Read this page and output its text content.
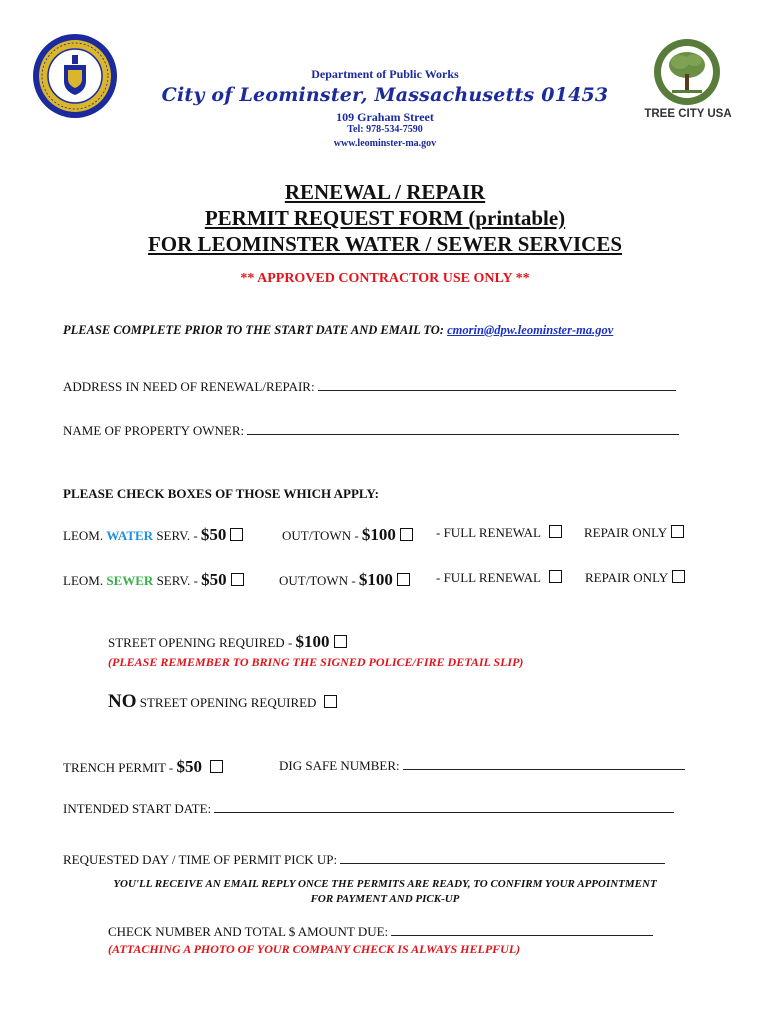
TREE CITY USA
Department of Public Works
City of Leominster, Massachusetts 01453
109 Graham Street
Tel: 978-534-7590
www.leominster-ma.gov
RENEWAL / REPAIR
PERMIT REQUEST FORM (printable)
FOR LEOMINSTER WATER / SEWER SERVICES
** APPROVED CONTRACTOR USE ONLY **
PLEASE COMPLETE PRIOR TO THE START DATE AND EMAIL TO: cmorin@dpw.leominster-ma.gov
ADDRESS IN NEED OF RENEWAL/REPAIR:
NAME OF PROPERTY OWNER:
PLEASE CHECK BOXES OF THOSE WHICH APPLY:
LEOM. WATER SERV. - $50	OUT/TOWN - $100	- FULL RENEWAL	REPAIR ONLY
LEOM. SEWER SERV. - $50	OUT/TOWN - $100	- FULL RENEWAL	REPAIR ONLY
STREET OPENING REQUIRED - $100
(PLEASE REMEMBER TO BRING THE SIGNED POLICE/FIRE DETAIL SLIP)
NO STREET OPENING REQUIRED
TRENCH PERMIT - $50	DIG SAFE NUMBER:
INTENDED START DATE:
REQUESTED DAY / TIME OF PERMIT PICK UP:
YOU'LL RECEIVE AN EMAIL REPLY ONCE THE PERMITS ARE READY, TO CONFIRM YOUR APPOINTMENT
FOR PAYMENT AND PICK-UP
CHECK NUMBER AND TOTAL $ AMOUNT DUE:
(ATTACHING A PHOTO OF YOUR COMPANY CHECK IS ALWAYS HELPFUL)
